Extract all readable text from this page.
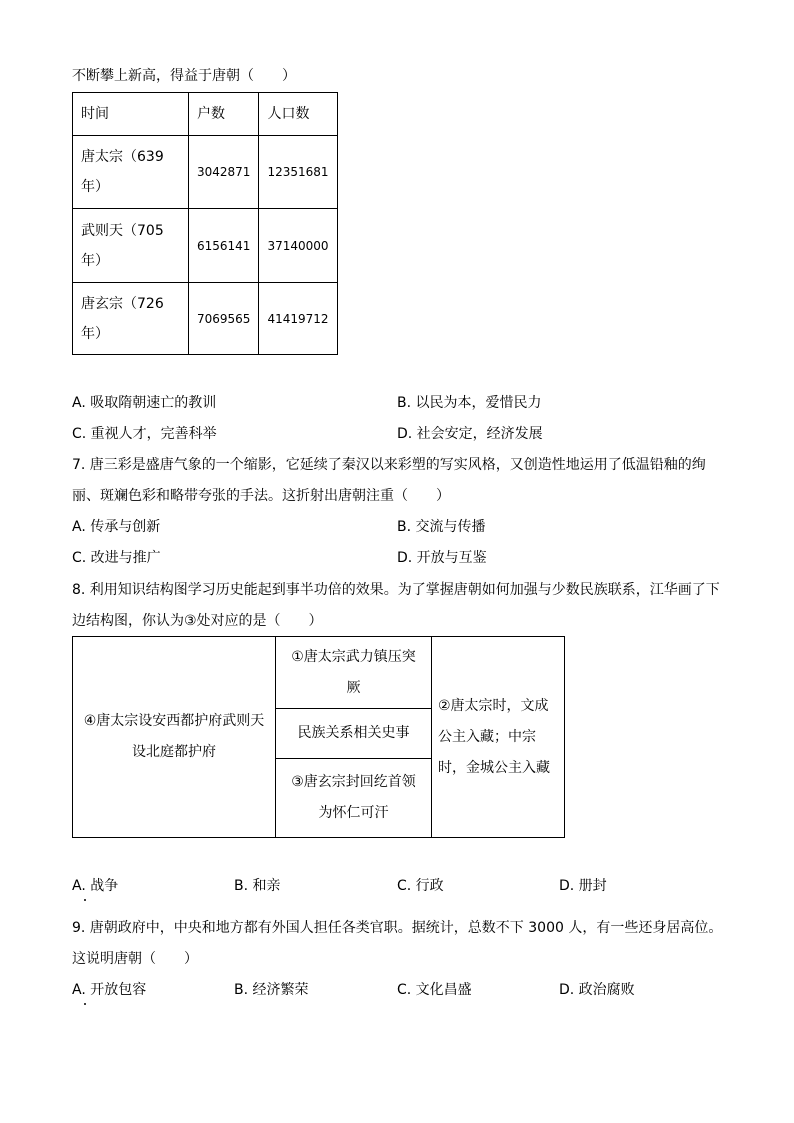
不断攀上新高，得益于唐朝（　　）
时间	户数	人口数
唐太宗（639
年）	3042871	12351681
武则天（705
年）	6156141	37140000
唐玄宗（726
年）	7069565	41419712
A. 吸取隋朝速亡的教训	B. 以民为本，爱惜民力
C. 重视人才，完善科举	D. 社会安定，经济发展
7. 唐三彩是盛唐气象的一个缩影，它延续了秦汉以来彩塑的写实风格，又创造性地运用了低温铅釉的绚
丽、斑斓色彩和略带夸张的手法。这折射出唐朝注重（　　）
A. 传承与创新	B. 交流与传播
C. 改进与推广	D. 开放与互鉴
8. 利用知识结构图学习历史能起到事半功倍的效果。为了掌握唐朝如何加强与少数民族联系，江华画了下
边结构图，你认为③处对应的是（　　）
④唐太宗设安西都护府武则天
设北庭都护府
①唐太宗武力镇压突
厥
民族关系相关史事
③唐玄宗封回纥首领
为怀仁可汗
②唐太宗时，文成
公主入藏；中宗
时，金城公主入藏
A. 战争	B. 和亲	C. 行政	D. 册封
9. 唐朝政府中，中央和地方都有外国人担任各类官职。据统计，总数不下 3000 人，有一些还身居高位。
这说明唐朝（　　）
A. 开放包容	B. 经济繁荣	C. 文化昌盛	D. 政治腐败
